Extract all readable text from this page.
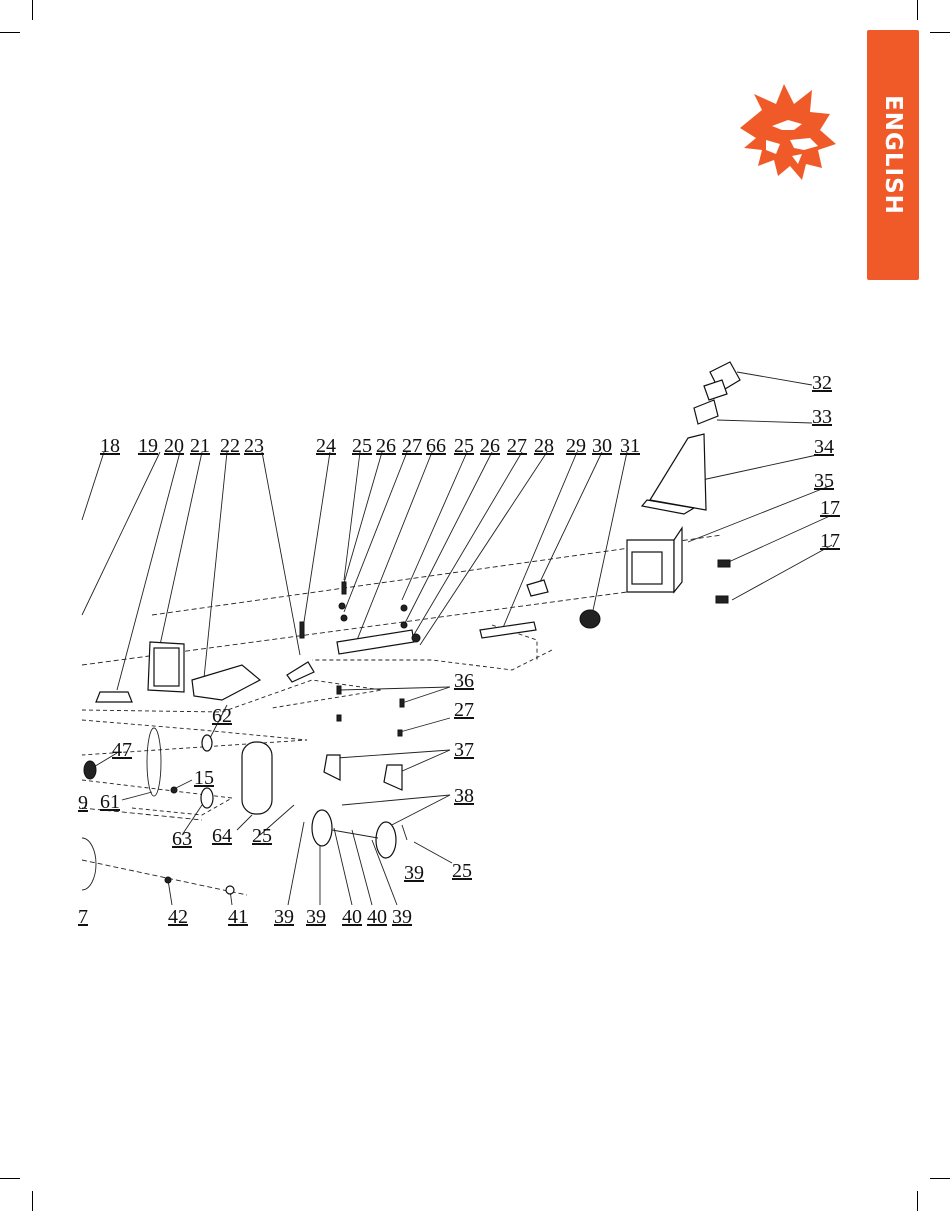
ENGLISH
18 19 20 21 22 23	24 25 26 27 66 25 26 27 28 29 30 31
32
33
34
35
17
17
36
27
37
38
62
47
15
61
63 64 25
39 25
42 41 39 39 40 40 39
9
7
